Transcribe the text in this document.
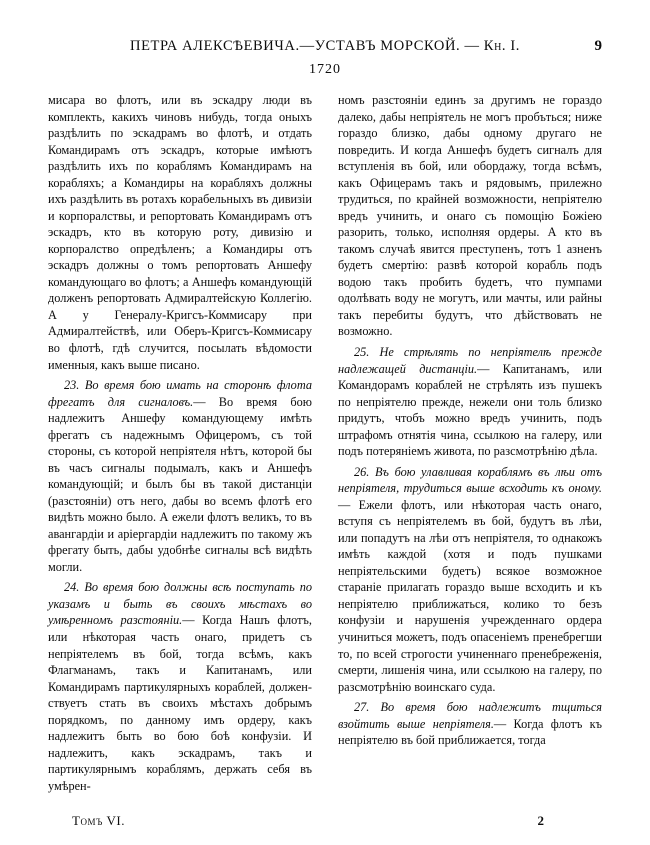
ПЕТРА АЛЕКСѢЕВИЧА.—УСТАВЪ МОРСКОЙ. — Кн. I.	9
1720

мисара во флотъ, или въ эскадру люди въ комплекть, какихъ чиновъ нибудь, тогда оныхъ раздѣлить по эскадрамъ во флотѣ, и отдать Командирамъ отъ эскадръ, которые имѣютъ раздѣлить ихъ по кораблямъ Командирамъ на корабляхъ; а Командиры на корабляхъ должны ихъ раздѣлить въ ротахъ корабельныхъ въ дивизіи и корпоралствы, и репортовать Командирамъ отъ эскадръ, кто въ которую роту, дивизію и корпоралство опредѣленъ; а Командиры отъ эскадръ должны о томъ репортовать Аншефу командующаго во флотъ; а Аншефъ командующій долженъ репортовать Адмиралтейскую Коллегію. А у Генералу-Кригсъ-Коммисару при Адмиралтействѣ, или Оберъ-Кригсъ-Коммисару во флотѣ, гдѣ случится, посылать вѣдомости именныя, какъ выше писано.

23. Во время бою имать на сторонѣ флота фрегатъ для сигналовъ.— Во время бою надлежитъ Аншефу командующему имѣть фрегатъ съ надежнымъ Офицеромъ, съ той стороны, съ которой непріятеля нѣтъ, которой бы въ часъ сигналы подымалъ, какъ и Аншефъ командующій; и былъ бы въ такой дистанціи (разстоянiи) отъ него, дабы во всемъ флотѣ его видѣть можно было. А ежели флотъ великъ, то въ авангардіи и аріергардіи надлежитъ по такому жъ фрегату быть, дабы удобнѣе сигналы всѣ видѣть могли.

24. Во время бою должны всѣ поступать по указамъ и быть въ своихъ мѣстахъ во умѣренномъ разстоянiи.— Когда Нашъ флотъ, или нѣкоторая часть онаго, придетъ съ непріятелемъ въ бой, тогда всѣмъ, какъ Флагманамъ, такъ и Капитанамъ, или Командирамъ партикулярныхъ кораблей, долженствуетъ стать въ своихъ мѣстахъ добрымъ порядкомъ, по данному имъ ордеру, какъ надлежитъ быть во бою боѣ конфузіи. И надлежитъ, какъ эскадрамъ, такъ и партикулярнымъ кораблямъ, держать себя въ умѣрен-

номъ разстоянiи единъ за другимъ не гораздо далеко, дабы непріятель не могъ пробъться; ниже гораздо близко, дабы одному другаго не повредить. И когда Аншефъ будетъ сигналъ для вступленія въ бой, или обордажу, тогда всѣмъ, какъ Офицерамъ такъ и рядовымъ, прилежно трудиться, по крайней возможности, непріятелю вредъ учинить, и онаго съ помощію Божіею разорить, только, исполняя ордеры. А кто въ такомъ случаѣ явится преступенъ, тотъ 1 азненъ будетъ смертію: развѣ которой корабль подъ водою такъ пробить будетъ, что пумпами одолѣвать воду не могутъ, или мачты, или райны такъ перебиты будутъ, что дѣйствовать не возможно.

25. Не стрѣлять по непріятелѣ прежде надлежащей дистанціи.— Капитанамъ, или Командорамъ кораблей не стрѣлять изъ пушекъ по непріятелю прежде, нежели они толь близко придутъ, чтобъ можно вредъ учинить, подъ штрафомъ отнятія чина, ссылкою на галеру, или подъ потерянiемъ живота, по разсмотрѣнію дѣла.

26. Въ бою улавливая кораблямъ въ лѣи отъ непріятеля, трудиться выше всходить къ оному.— Ежели флотъ, или нѣкоторая часть онаго, вступя съ непріятелемъ въ бой, будутъ въ лѣи, или попадутъ на лѣи отъ непріятеля, то однакожъ имѣть каждой (хотя и подъ пушками непріятельскими будетъ) всякое возможное стараніе прилагать гораздо выше всходить и къ непріятелю приближаться, колико то безъ конфузіи и нарушенія учрежденнаго ордера учиниться можетъ, подъ опасенiемъ пренебрегши то, по всей строгости учиненнаго пренебреженія, смерти, лишенія чина, или ссылкою на галеру, по разсмотрѣнію воинскаго суда.

27. Во время бою надлежитъ тщиться взойтить выше непріятеля.— Когда флотъ къ непріятелю въ бой приближается, тогда

Томъ VI.	2
